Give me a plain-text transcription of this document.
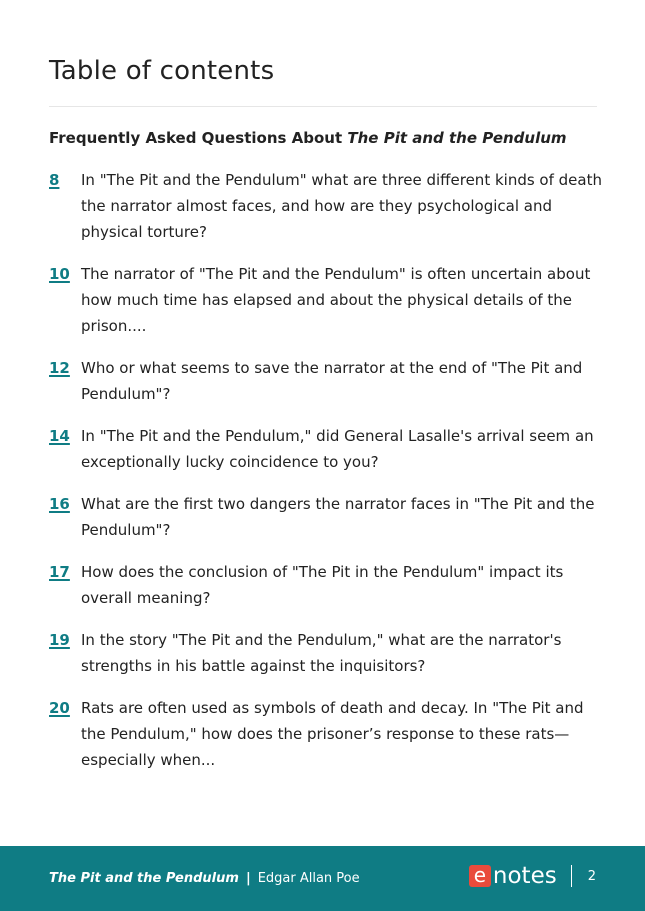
Table of contents
Frequently Asked Questions About The Pit and the Pendulum
8	In "The Pit and the Pendulum" what are three different kinds of death the narrator almost faces, and how are they psychological and physical torture?
10 The narrator of "The Pit and the Pendulum" is often uncertain about how much time has elapsed and about the physical details of the prison....
12 Who or what seems to save the narrator at the end of "The Pit and Pendulum"?
14 In "The Pit and the Pendulum," did General Lasalle's arrival seem an exceptionally lucky coincidence to you?
16 What are the first two dangers the narrator faces in "The Pit and the Pendulum"?
17 How does the conclusion of "The Pit in the Pendulum" impact its overall meaning?
19 In the story "The Pit and the Pendulum," what are the narrator's strengths in his battle against the inquisitors?
20 Rats are often used as symbols of death and decay. In "The Pit and the Pendulum," how does the prisoner’s response to these rats—especially when...
The Pit and the Pendulum | Edgar Allan Poe	e notes 2
